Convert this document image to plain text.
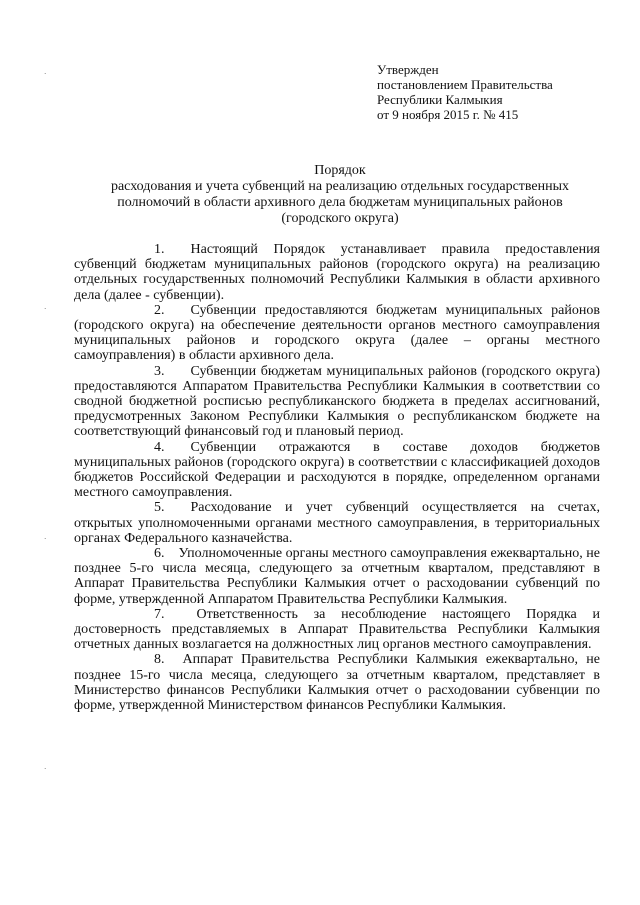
Утвержден
постановлением Правительства
Республики Калмыкия
от 9 ноября 2015 г. № 415
Порядок
расходования и учета субвенций на реализацию отдельных государственных
полномочий в области архивного дела бюджетам муниципальных районов
(городского округа)

1. Настоящий Порядок устанавливает правила предоставления субвенций бюджетам муниципальных районов (городского округа) на реализацию отдельных государственных полномочий Республики Калмыкия в области архивного дела (далее - субвенции).

2. Субвенции предоставляются бюджетам муниципальных районов (городского округа) на обеспечение деятельности органов местного самоуправления муниципальных районов и городского округа (далее – органы местного самоуправления) в области архивного дела.

3. Субвенции бюджетам муниципальных районов (городского округа) предоставляются Аппаратом Правительства Республики Калмыкия в соответствии со сводной бюджетной росписью республиканского бюджета в пределах ассигнований, предусмотренных Законом Республики Калмыкия о республиканском бюджете на соответствующий финансовый год и плановый период.

4. Субвенции отражаются в составе доходов бюджетов муниципальных районов (городского округа) в соответствии с классификацией доходов бюджетов Российской Федерации и расходуются в порядке, определенном органами местного самоуправления.

5. Расходование и учет субвенций осуществляется на счетах, открытых уполномоченными органами местного самоуправления, в территориальных органах Федерального казначейства.

6. Уполномоченные органы местного самоуправления ежеквартально, не позднее 5-го числа месяца, следующего за отчетным кварталом, представляют в Аппарат Правительства Республики Калмыкия отчет о расходовании субвенций по форме, утвержденной Аппаратом Правительства Республики Калмыкия.

7. Ответственность за несоблюдение настоящего Порядка и достоверность представляемых в Аппарат Правительства Республики Калмыкия отчетных данных возлагается на должностных лиц органов местного самоуправления.

8. Аппарат Правительства Республики Калмыкия ежеквартально, не позднее 15-го числа месяца, следующего за отчетным кварталом, представляет в Министерство финансов Республики Калмыкия отчет о расходовании субвенции по форме, утвержденной Министерством финансов Республики Калмыкия.

·
·
·
·
